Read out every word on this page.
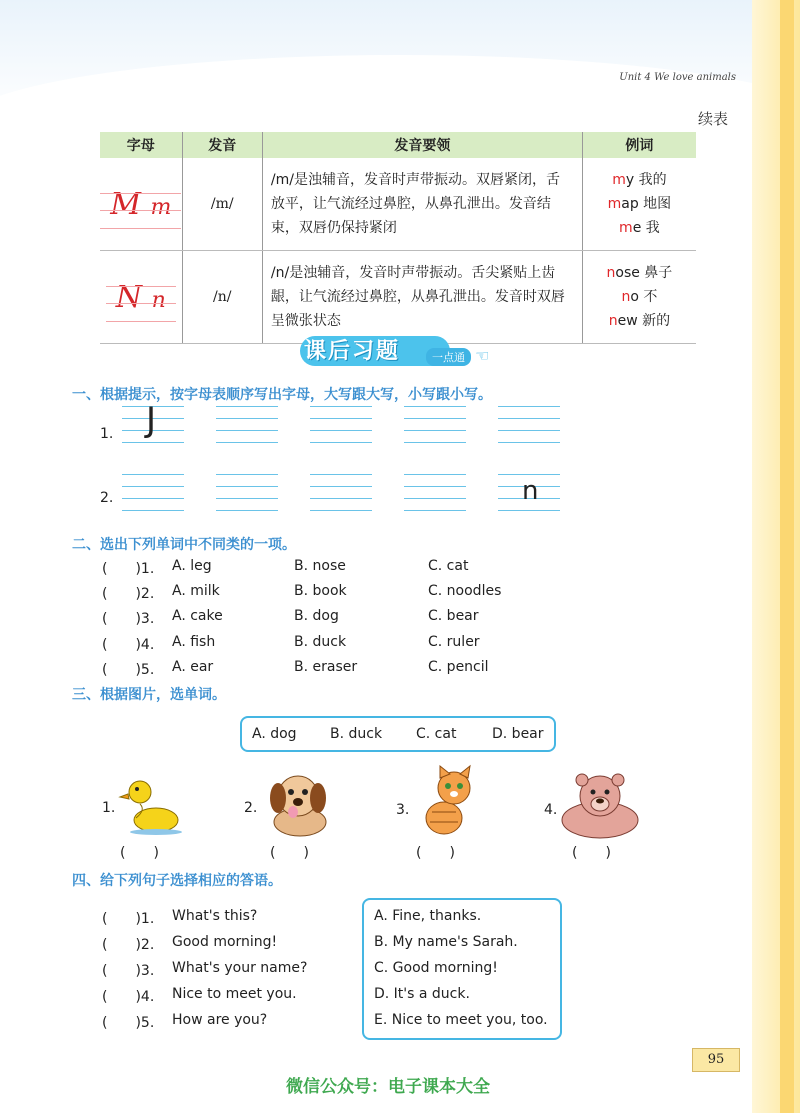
Unit 4 We love animals
续表
字母	发音	发音要领	例词

M m	/m/	/m/是浊辅音，发音时声带振动。双唇紧闭，舌放平，让气流经过鼻腔，从鼻孔泄出。发音结束，双唇仍保持紧闭	my 我的
map 地图
me 我

N n	/n/	/n/是浊辅音，发音时声带振动。舌尖紧贴上齿龈，让气流经过鼻腔，从鼻孔泄出。发音时双唇呈微张状态	nose 鼻子
no 不
new 新的
课后习题	一点通 ☜
一、根据提示，按字母表顺序写出字母，大写跟大写，小写跟小写。
1.
2.
J
n
二、选出下列单词中不同类的一项。
(　　)1. A. leg	B. nose	C. cat
(　　)2. A. milk	B. book	C. noodles
(　　)3. A. cake	B. dog	C. bear
(　　)4. A. fish	B. duck	C. ruler
(　　)5. A. ear	B. eraser	C. pencil
三、根据图片，选单词。
A. dog B. duck C. cat	D. bear
1.
(　　)
2.
(　　)
3.
(　　)
4.
(　　)
四、给下列句子选择相应的答语。
(　　)1. What's this?
(　　)2. Good morning!
(　　)3. What's your name?
(　　)4. Nice to meet you.
(　　)5. How are you?
A. Fine, thanks.
B. My name's Sarah.
C. Good morning!
D. It's a duck.
E. Nice to meet you, too.
95
微信公众号：电子课本大全
